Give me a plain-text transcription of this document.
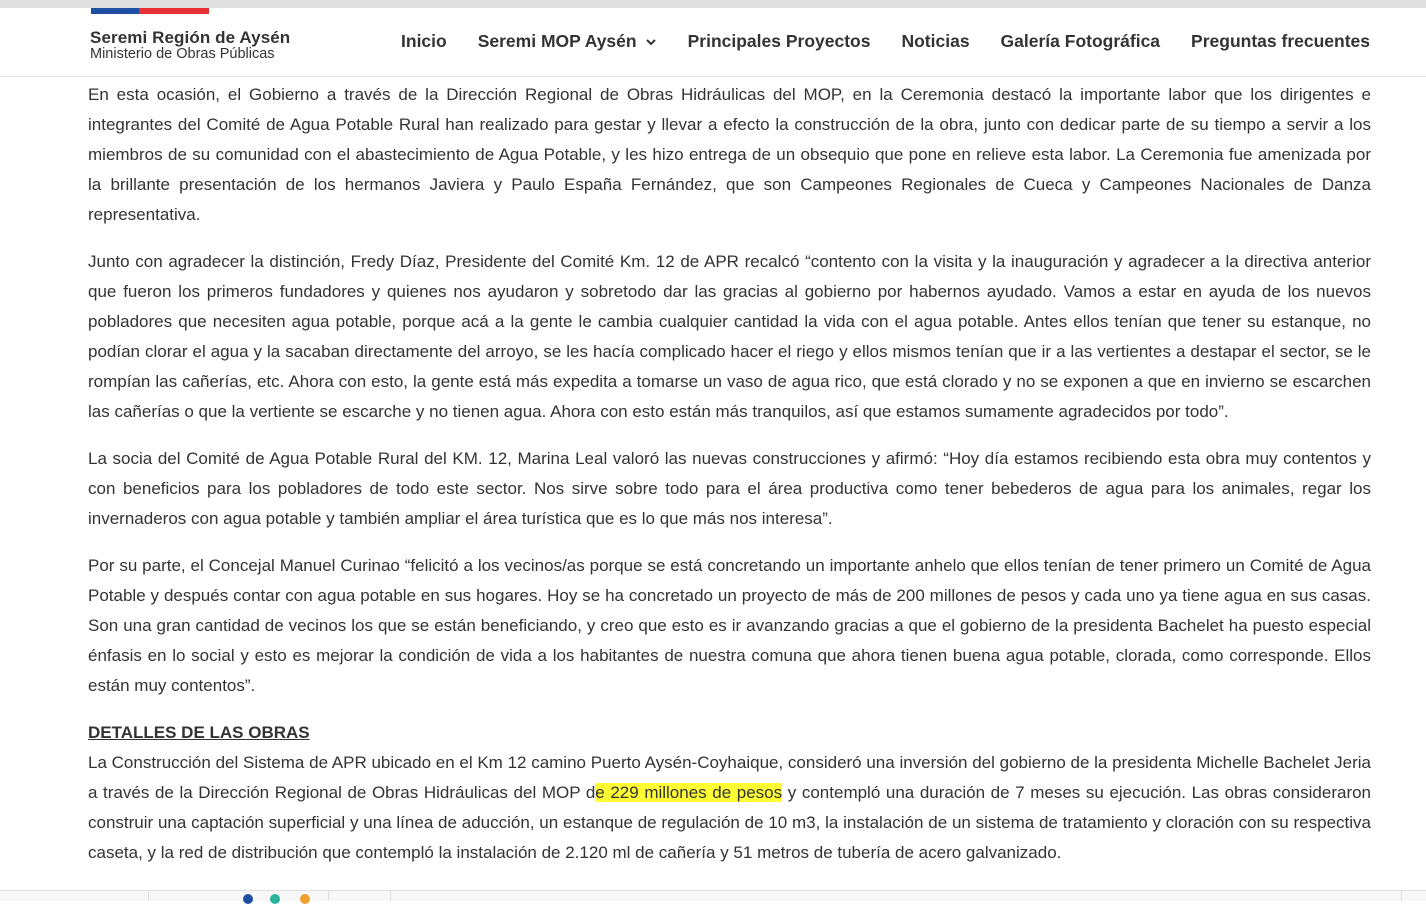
Seremi Región de Aysén
Ministerio de Obras Públicas
Inicio Seremi MOP Aysén	Principales Proyectos Noticias Galería Fotográfica Preguntas frecuentes

En esta ocasión, el Gobierno a través de la Dirección Regional de Obras Hidráulicas del MOP, en la Ceremonia destacó la importante labor que los dirigentes e integrantes del Comité de Agua Potable Rural han realizado para gestar y llevar a efecto la construcción de la obra, junto con dedicar parte de su tiempo a servir a los miembros de su comunidad con el abastecimiento de Agua Potable, y les hizo entrega de un obsequio que pone en relieve esta labor. La Ceremonia fue amenizada por la brillante presentación de los hermanos Javiera y Paulo España Fernández, que son Campeones Regionales de Cueca y Campeones Nacionales de Danza representativa.

Junto con agradecer la distinción, Fredy Díaz, Presidente del Comité Km. 12 de APR recalcó “contento con la visita y la inauguración y agradecer a la directiva anterior que fueron los primeros fundadores y quienes nos ayudaron y sobretodo dar las gracias al gobierno por habernos ayudado. Vamos a estar en ayuda de los nuevos pobladores que necesiten agua potable, porque acá a la gente le cambia cualquier cantidad la vida con el agua potable. Antes ellos tenían que tener su estanque, no podían clorar el agua y la sacaban directamente del arroyo, se les hacía complicado hacer el riego y ellos mismos tenían que ir a las vertientes a destapar el sector, se le rompían las cañerías, etc. Ahora con esto, la gente está más expedita a tomarse un vaso de agua rico, que está clorado y no se exponen a que en invierno se escarchen las cañerías o que la vertiente se escarche y no tienen agua. Ahora con esto están más tranquilos, así que estamos sumamente agradecidos por todo”.

La socia del Comité de Agua Potable Rural del KM. 12, Marina Leal valoró las nuevas construcciones y afirmó: “Hoy día estamos recibiendo esta obra muy contentos y con beneficios para los pobladores de todo este sector. Nos sirve sobre todo para el área productiva como tener bebederos de agua para los animales, regar los invernaderos con agua potable y también ampliar el área turística que es lo que más nos interesa”.

Por su parte, el Concejal Manuel Curinao “felicitó a los vecinos/as porque se está concretando un importante anhelo que ellos tenían de tener primero un Comité de Agua Potable y después contar con agua potable en sus hogares. Hoy se ha concretado un proyecto de más de 200 millones de pesos y cada uno ya tiene agua en sus casas. Son una gran cantidad de vecinos los que se están beneficiando, y creo que esto es ir avanzando gracias a que el gobierno de la presidenta Bachelet ha puesto especial énfasis en lo social y esto es mejorar la condición de vida a los habitantes de nuestra comuna que ahora tienen buena agua potable, clorada, como corresponde. Ellos están muy contentos”.

DETALLES DE LAS OBRAS

La Construcción del Sistema de APR ubicado en el Km 12 camino Puerto Aysén-Coyhaique, consideró una inversión del gobierno de la presidenta Michelle Bachelet Jeria a través de la Dirección Regional de Obras Hidráulicas del MOP de 229 millones de pesos y contempló una duración de 7 meses su ejecución. Las obras consideraron construir una captación superficial y una línea de aducción, un estanque de regulación de 10 m3, la instalación de un sistema de tratamiento y cloración con su respectiva caseta, y la red de distribución que contempló la instalación de 2.120 ml de cañería y 51 metros de tubería de acero galvanizado.
